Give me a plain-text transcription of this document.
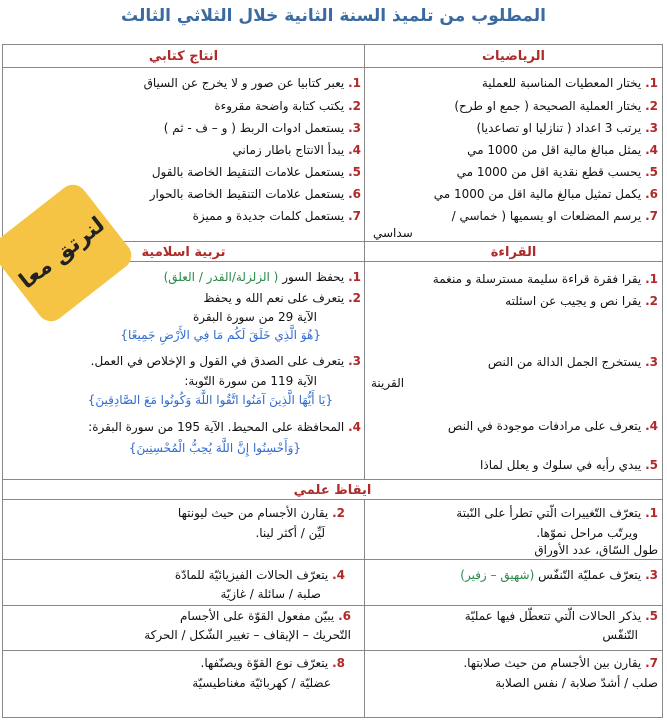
المطلوب من تلميذ السنة الثانية خلال الثلاثي الثالث
الرياضيات
انتاج كتابي
القراءة
تربية اسلامية
ايقاظ علمي
1. يختار المعطيات المناسبة للعملية
2. يختار العملية الصحيحة ( جمع او طرح)
3. يرتب 3 اعداد ( تنازليا او تصاعديا)
4. يمثل مبالغ مالية اقل من 1000 مي
5. يحسب قطع نقدية اقل من 1000 مي
6. يكمل تمثيل مبالغ مالية اقل من 1000 مي
7. يرسم المضلعات او يسميها ( خماسي /
سداسي
1. يعبر كتابيا عن صور و لا يخرج عن السياق
2. يكتب كتابة واضحة مقروءة
3. يستعمل ادوات الربط ( و – ف - ثم )
4. يبدأ الانتاج باطار زماني
5. يستعمل علامات التنقيط الخاصة بالقول
6. يستعمل علامات التنقيط الخاصة بالحوار
7. يستعمل كلمات جديدة و مميزة
1. يقرا فقرة قراءة سليمة مسترسلة و منغمة
2. يقرا نص و يجيب عن اسئلته
3. يستخرج الجمل الدالة من النص
القرينة
4. يتعرف على مرادفات موجودة في النص
5. يبدي رأيه في سلوك و يعلل لماذا
1. يحفظ السور ( الزلزلة/القدر / العلق)
2. يتعرف على نعم الله و يحفظ
الآية 29 من سورة البقرة
{هُوَ الَّذِي خَلَقَ لَكُم مَا فِي الأَرْضِ جَمِيعًا}
3. يتعرف على الصدق في القول و الإخلاص في العمل.
الآية 119 من سورة التّوبة:
{يَا أَيُّهَا الَّذِينَ آمَنُوا اتَّقُوا اللَّهَ وَكُونُوا مَعَ الصَّادِقِينَ}
4. المحافظة على المحيط. الآية 195 من سورة البقرة:
{وَأَحْسِنُوا إِنَّ اللَّهَ يُحِبُّ الْمُحْسِنِينَ}
1. يتعرّف التّغييرات الّتي تطرأ على النّبتة
ويرتّب مراحل نموّها.
طول السّاق، عدد الأوراق
3. يتعرّف عمليّة التّنفّس (شهيق – زفير)
5. يذكر الحالات الّتي تتعطّل فيها عمليّة
التّنفّس
7. يقارن بين الأجسام من حيث صلابتها.
صلب / أشدّ صلابة / نفس الصلابة
2. يقارن الأجسام من حيث ليونتها
لَيِّن / أكثر لينا.
4. يتعرّف الحالات الفيزيائيّة للمادّة
صلبة / سائلة / غازيّة
6. يبيّن مفعول القوّة على الأجسام
التّحريك – الإيقاف – تغيير الشّكل / الحركة
8. يتعرّف نوع القوّة ويصنّفها.
عضليّة / كهربائيّة مغناطيسيّة
لنرتق معا
